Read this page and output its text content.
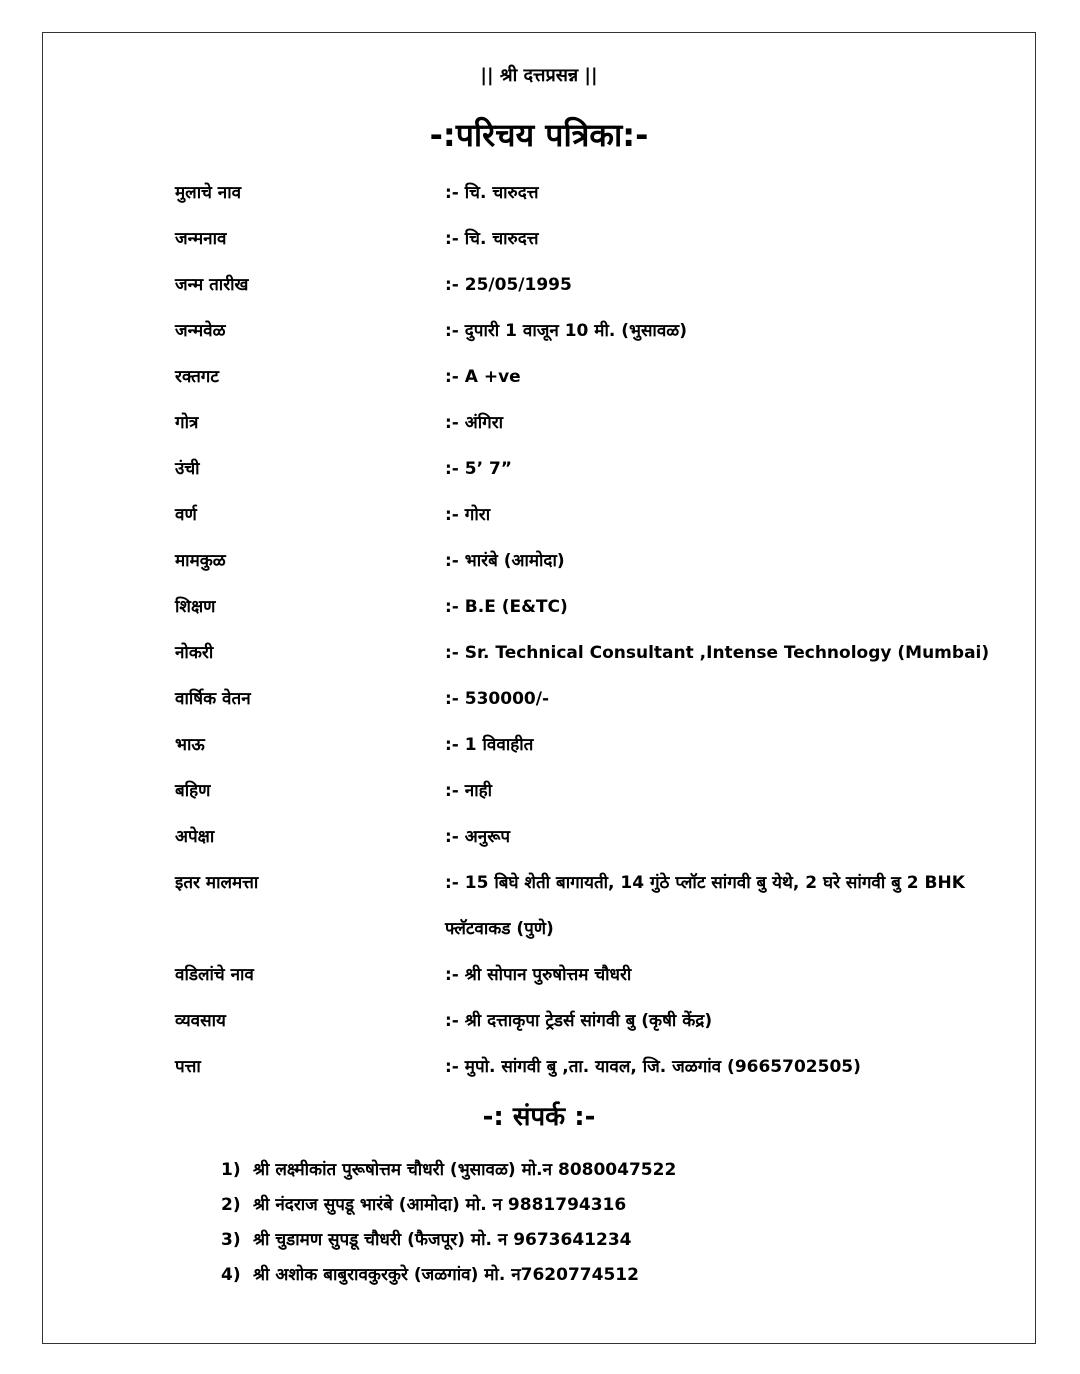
|| श्री दत्तप्रसन्न ||
-:परिचय पत्रिका:-
मुलाचे नाव	:- चि. चारुदत्त
जन्मनाव	:- चि. चारुदत्त
जन्म तारीख	:- 25/05/1995
जन्मवेळ	:- दुपारी 1 वाजून 10 मी. (भुसावळ)
रक्तगट	:- A +ve
गोत्र	:- अंगिरा
उंची	:- 5’ 7”
वर्ण	:- गोरा
मामकुळ	:- भारंबे (आमोदा)
शिक्षण	:- B.E (E&TC)
नोकरी	:- Sr. Technical Consultant ,Intense Technology (Mumbai)
वार्षिक वेतन	:- 530000/-
भाऊ	:- 1 विवाहीत
बहिण	:- नाही
अपेक्षा	:- अनुरूप
इतर मालमत्ता	:- 15 बिघे शेती बागायती, 14 गुंठे प्लॉट सांगवी बु येथे, 2 घरे सांगवी बु 2 BHK फ्लॅटवाकड (पुणे)
वडिलांचे नाव	:- श्री सोपान पुरुषोत्तम चौधरी
व्यवसाय	:- श्री दत्ताकृपा ट्रेडर्स सांगवी बु (कृषी केंद्र)
पत्ता	:- मुपो. सांगवी बु ,ता. यावल, जि. जळगांव (9665702505)
-: संपर्क :-
1) श्री लक्ष्मीकांत पुरूषोत्तम चौधरी (भुसावळ) मो.न 8080047522
2) श्री नंदराज सुपडू भारंबे (आमोदा) मो. न 9881794316
3) श्री चुडामण सुपडू चौधरी (फैजपूर) मो. न 9673641234
4) श्री अशोक बाबुरावकुरकुरे (जळगांव) मो. न7620774512
